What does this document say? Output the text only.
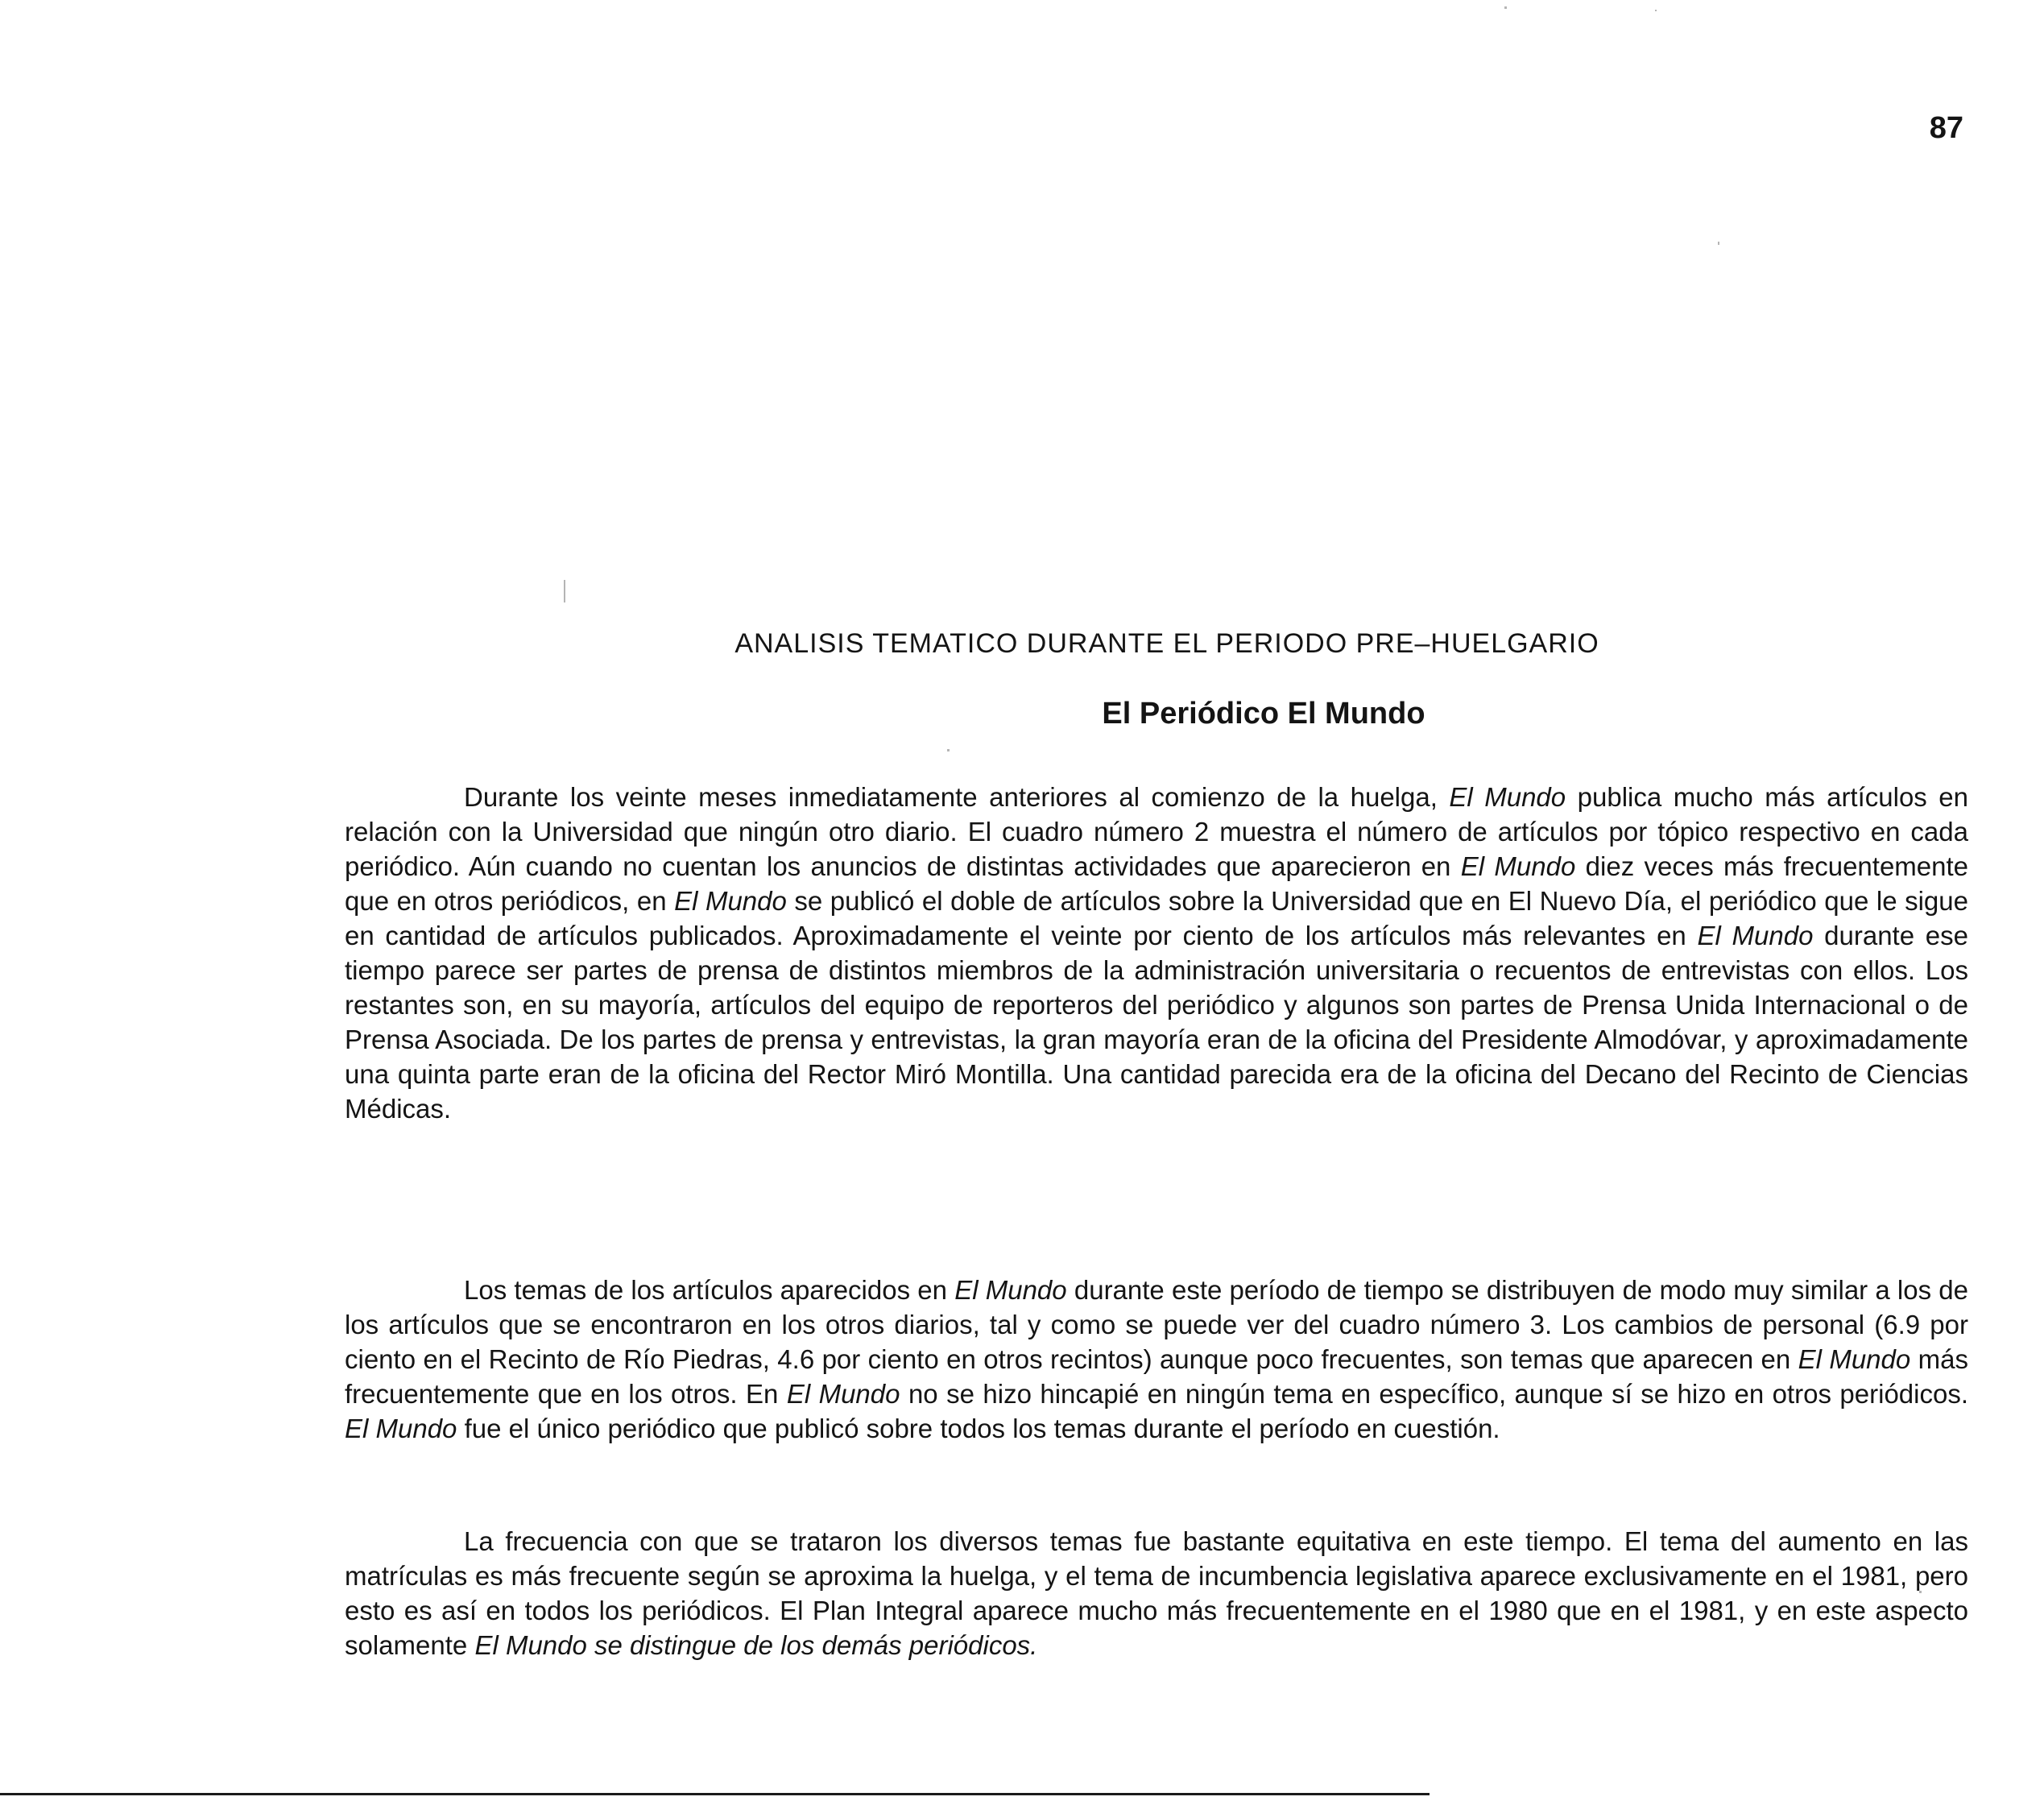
87
ANALISIS TEMATICO DURANTE EL PERIODO PRE–HUELGARIO
El Periódico El Mundo

Durante los veinte meses inmediatamente anteriores al comienzo de la huelga, El Mundo publica mucho más artículos en relación con la Universidad que ningún otro diario. El cuadro número 2 muestra el número de artículos por tópico respectivo en cada periódico. Aún cuando no cuentan los anuncios de distintas actividades que aparecieron en El Mundo diez veces más frecuentemente que en otros periódicos, en El Mundo se publicó el doble de artículos sobre la Universidad que en El Nuevo Día, el periódico que le sigue en cantidad de artículos publicados. Aproximadamente el veinte por ciento de los artículos más relevantes en El Mundo durante ese tiempo parece ser partes de prensa de distintos miembros de la administración universitaria o recuentos de entrevistas con ellos. Los restantes son, en su mayoría, artículos del equipo de reporteros del periódico y algunos son partes de Prensa Unida Internacional o de Prensa Asociada. De los partes de prensa y entrevistas, la gran mayoría eran de la oficina del Presidente Almodóvar, y aproximadamente una quinta parte eran de la oficina del Rector Miró Montilla. Una cantidad parecida era de la oficina del Decano del Recinto de Ciencias Médicas.

Los temas de los artículos aparecidos en El Mundo durante este período de tiempo se distribuyen de modo muy similar a los de los artículos que se encontraron en los otros diarios, tal y como se puede ver del cuadro número 3. Los cambios de personal (6.9 por ciento en el Recinto de Río Piedras, 4.6 por ciento en otros recintos) aunque poco frecuentes, son temas que aparecen en El Mundo más frecuentemente que en los otros. En El Mundo no se hizo hincapié en ningún tema en específico, aunque sí se hizo en otros periódicos. El Mundo fue el único periódico que publicó sobre todos los temas durante el período en cuestión.

La frecuencia con que se trataron los diversos temas fue bastante equitativa en este tiempo. El tema del aumento en las matrículas es más frecuente según se aproxima la huelga, y el tema de incumbencia legislativa aparece exclusivamente en el 1981, pero esto es así en todos los periódicos. El Plan Integral aparece mucho más frecuentemente en el 1980 que en el 1981, y en este aspecto solamente El Mundo se distingue de los demás periódicos.
